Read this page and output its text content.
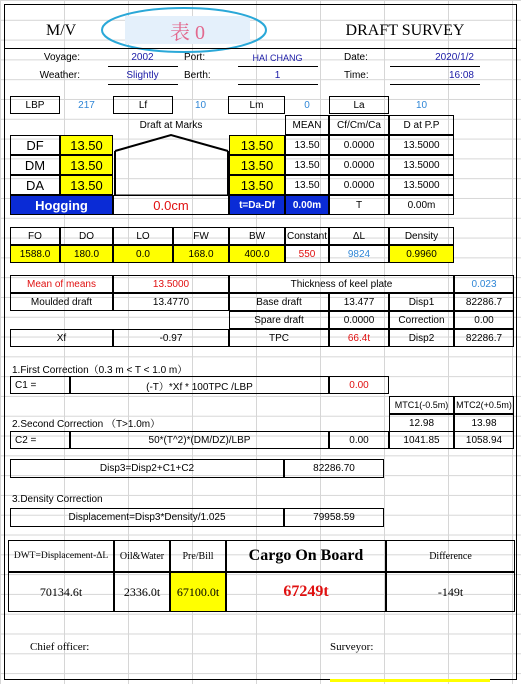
M/V	表 0	DRAFT SURVEY
Voyage:	2002	Port:	HAI CHANG	Date:	2020/1/2
Weather:	Slightly	Berth:	1	Time:	16:08
LBP	217	Lf	10	Lm	0	La	10
Draft at Marks	MEAN	Cf/Cm/Ca	D at P.P
DF	13.50	13.50	13.50	0.0000	13.5000
DM	13.50	13.50	13.50	0.0000	13.5000
DA	13.50	13.50	13.50	0.0000	13.5000
Hogging	0.0cm	t=Da-Df	0.00m	T	0.00m
FO	DO	LO	FW	BW	Constant	ΔL	Density
1588.0	180.0	0.0	168.0	400.0	550	9824	0.9960
Mean of means	13.5000	Thickness of keel plate	0.023
Moulded draft	13.4770	Base draft	13.477	Disp1	82286.7
Spare draft	0.0000	Correction	0.00
Xf	-0.97	TPC	66.4t	Disp2	82286.7
1.First Correction（0.3 m < T < 1.0 m）
C1 =	(-T）*Xf * 100TPC /LBP	0.00
MTC1(-0.5m) MTC2(+0.5m)
2.Second Correction （T>1.0m）	12.98	13.98
C2 =	50*(T^2)*(DM/DZ)/LBP	0.00	1041.85	1058.94
Disp3=Disp2+C1+C2	82286.70
3.Density Correction
Displacement=Disp3*Density/1.025	79958.59
DWT=Displacement-ΔL	Oil&Water	Pre/Bill	Cargo On Board	Difference
70134.6t	2336.0t	67100.0t	67249t	-149t
Chief officer:	Surveyor:
